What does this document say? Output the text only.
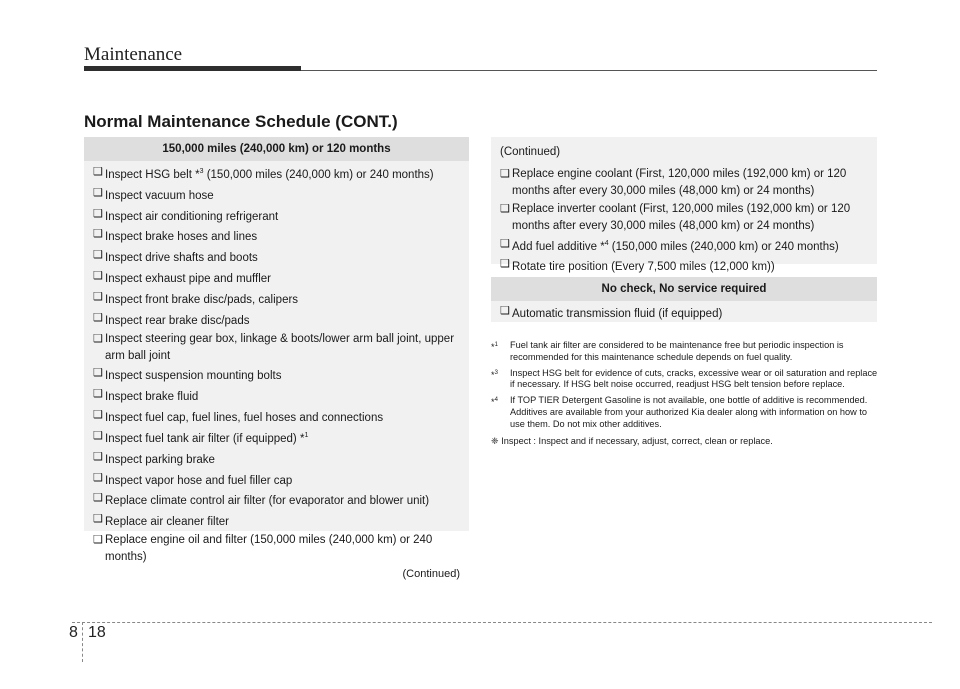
Maintenance
Normal Maintenance Schedule (CONT.)
150,000 miles (240,000 km) or 120 months
❑ Inspect HSG belt *$^3$ (150,000 miles (240,000 km) or 240 months)
❑ Inspect vacuum hose
❑ Inspect air conditioning refrigerant
❑ Inspect brake hoses and lines
❑ Inspect drive shafts and boots
❑ Inspect exhaust pipe and muffler
❑ Inspect front brake disc/pads, calipers
❑ Inspect rear brake disc/pads
❑ Inspect steering gear box, linkage & boots/lower arm ball joint, upper arm ball joint
❑ Inspect suspension mounting bolts
❑ Inspect brake fluid
❑ Inspect fuel cap, fuel lines, fuel hoses and connections
❑ Inspect fuel tank air filter (if equipped) *$^1$
❑ Inspect parking brake
❑ Inspect vapor hose and fuel filler cap
❑ Replace climate control air filter (for evaporator and blower unit)
❑ Replace air cleaner filter
❑ Replace engine oil and filter (150,000 miles (240,000 km) or 240 months)
(Continued)
(Continued)
❑ Replace engine coolant (First, 120,000 miles (192,000 km) or 120 months after every 30,000 miles (48,000 km) or 24 months)
❑ Replace inverter coolant (First, 120,000 miles (192,000 km) or 120 months after every 30,000 miles (48,000 km) or 24 months)
❑ Add fuel additive *$^4$ (150,000 miles (240,000 km) or 240 months)
❑ Rotate tire position (Every 7,500 miles (12,000 km))
No check, No service required
❑ Automatic transmission fluid (if equipped)
*$^1$ Fuel tank air filter are considered to be maintenance free but periodic inspection is recommended for this maintenance schedule depends on fuel quality.
*$^3$ Inspect HSG belt for evidence of cuts, cracks, excessive wear or oil saturation and replace if necessary. If HSG belt noise occurred, readjust HSG belt tension before replace.
*$^4$ If TOP TIER Detergent Gasoline is not available, one bottle of additive is recommended. Additives are available from your authorized Kia dealer along with information on how to use them. Do not mix other additives.
❈ Inspect : Inspect and if necessary, adjust, correct, clean or replace.
8 18
